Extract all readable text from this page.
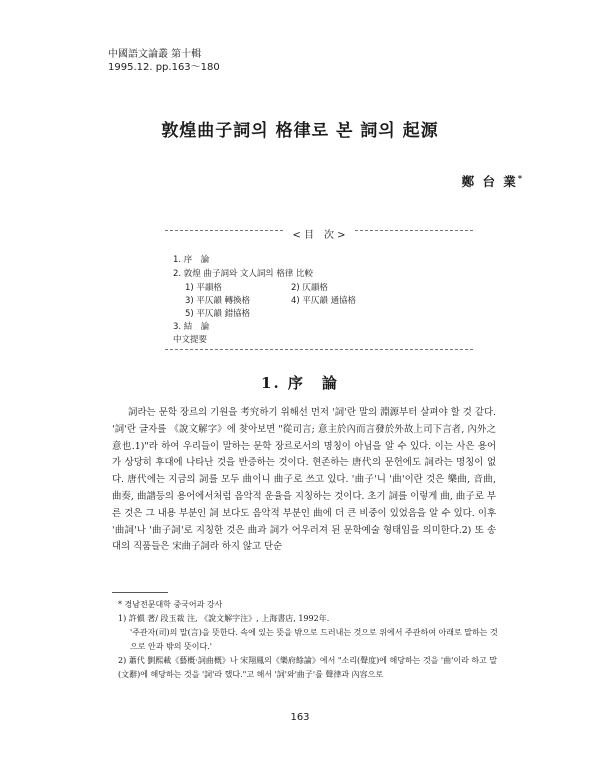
中國語文論叢 第十輯
1995.12. pp.163～180
敦煌曲子詞의 格律로 본 詞의 起源
鄭 台 業*
< 目　次 >
1. 序　論
2. 敦煌 曲子詞와 文人詞의 格律 比較
1) 平韻格	2) 仄韻格
3) 平仄韻 轉換格	4) 平仄韻 通協格
5) 平仄韻 錯協格
3. 結　論
中文提要
1. 序　論

詞라는 문학 장르의 기원을 考究하기 위해선 먼저 '詞'란 말의 淵源부터 살펴야 할 것 같다. '詞'란 글자를 《說文解字》에 찾아보면 "從司言; 意主於內而言發於外故上司下言者, 內外之意也.1)"라 하여 우리들이 말하는 문학 장르로서의 명칭이 아님을 알 수 있다. 이는 사은 용어가 상당히 후대에 나타난 것을 반증하는 것이다. 현존하는 唐代의 문헌에도 詞라는 명칭이 없다. 唐代에는 지금의 詞를 모두 曲이니 曲子로 쓰고 있다. '曲子'니 '曲'이란 것은 樂曲, 音曲, 曲奏, 曲譜등의 용어에서처럼 음악적 운율을 지칭하는 것이다. 초기 詞를 이렇게 曲, 曲子로 부른 것은 그 내용 부분인 詞 보다도 음악적 부분인 曲에 더 큰 비중이 있었음을 알 수 있다. 이후 '曲詞'나 '曲子詞'로 지칭한 것은 曲과 詞가 어우러져 된 문학예술 형태임을 의미한다.2) 또 송대의 직품들은 宋曲子詞라 하지 않고 단순

* 경남전문대학 중국어과 강사
1) 許愼 著/ 段玉裁 注, 《說文解字注》, 上海書店, 1992年.
'주관자(司)의 말(言)을 뜻한다. 속에 있는 뜻을 밖으로 드러내는 것으로 위에서 주관하여 아래로 말하는 것으로 안과 밖의 뜻이다.'
2) 蕭代 劉熙載《藝概·詞曲概》나 宋翔鳳의《樂府餘論》에서 "소리(聲度)에 해당하는 것을 '曲'이라 하고 말(文辭)에 해당하는 것을 '詞'라 했다."고 해서 '詞'와'曲子'를 聲律과 內容으로
163
